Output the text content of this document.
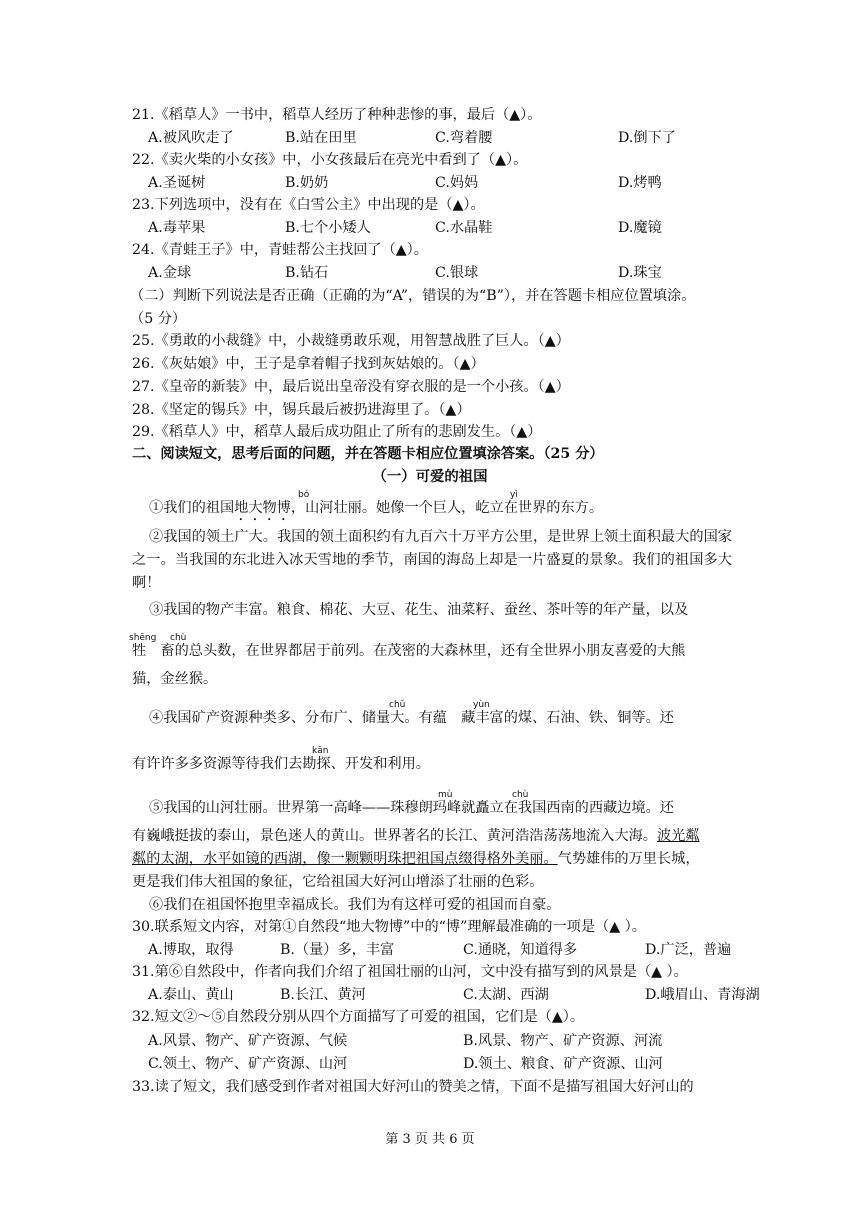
21.《稻草人》一书中，稻草人经历了种种悲惨的事，最后（▲）。
A.被风吹走了	B.站在田里	C.弯着腰	D.倒下了
22.《卖火柴的小女孩》中，小女孩最后在亮光中看到了（▲）。
A.圣诞树	B.奶奶	C.妈妈	D.烤鸭
23.下列选项中，没有在《白雪公主》中出现的是（▲）。
A.毒苹果	B.七个小矮人	C.水晶鞋	D.魔镜
24.《青蛙王子》中，青蛙帮公主找回了（▲）。
A.金球	B.钻石	C.银球	D.珠宝
（二）判断下列说法是否正确（正确的为“A”，错误的为“B”），并在答题卡相应位置填涂。
（5 分）
25.《勇敢的小裁缝》中，小裁缝勇敢乐观，用智慧战胜了巨人。（▲）
26.《灰姑娘》中，王子是拿着帽子找到灰姑娘的。（▲）
27.《皇帝的新装》中，最后说出皇帝没有穿衣服的是一个小孩。（▲）
28.《坚定的锡兵》中，锡兵最后被扔进海里了。（▲）
29.《稻草人》中，稻草人最后成功阻止了所有的悲剧发生。（▲）
二、阅读短文，思考后面的问题，并在答题卡相应位置填涂答案。（25 分）
（一）可爱的祖国
bó	yì
①我们的祖国地大物博，山河壮丽。她像一个巨人，屹立在世界的东方。
②我国的领土广大。我国的领土面积约有九百六十万平方公里，是世界上领土面积最大的国家之一。当我国的东北进入冰天雪地的季节，南国的海岛上却是一片盛夏的景象。我们的祖国多大啊！
③我国的物产丰富。粮食、棉花、大豆、花生、油菜籽、蚕丝、茶叶等的年产量，以及
shēng chù
牲　畜的总头数，在世界都居于前列。在茂密的大森林里，还有全世界小朋友喜爱的大熊
猫，金丝猴。
chǔ	yùn
④我国矿产资源种类多、分布广、储量大。有蕴　藏丰富的煤、石油、铁、铜等。还
kān
有许许多多资源等待我们去勘探、开发和利用。
mù	chù
⑤我国的山河壮丽。世界第一高峰——珠穆朗玛峰就矗立在我国西南的西藏边境。还
有巍峨挺拔的泰山，景色迷人的黄山。世界著名的长江、黄河浩浩荡荡地流入大海。波光粼
粼的太湖，水平如镜的西湖，像一颗颗明珠把祖国点缀得格外美丽。气势雄伟的万里长城，
更是我们伟大祖国的象征，它给祖国大好河山增添了壮丽的色彩。
⑥我们在祖国怀抱里幸福成长。我们为有这样可爱的祖国而自豪。
30.联系短文内容，对第①自然段“地大物博”中的“博”理解最准确的一项是（▲ ）。
A.博取，取得	B.（量）多，丰富	C.通晓，知道得多	D.广泛，普遍
31.第⑥自然段中，作者向我们介绍了祖国壮丽的山河，文中没有描写到的风景是（▲ ）。
A.泰山、黄山	B.长江、黄河	C.太湖、西湖	D.峨眉山、青海湖
32.短文②～⑤自然段分别从四个方面描写了可爱的祖国，它们是（▲）。
A.风景、物产、矿产资源、气候	B.风景、物产、矿产资源、河流
C.领土、物产、矿产资源、山河	D.领土、粮食、矿产资源、山河
33.读了短文，我们感受到作者对祖国大好河山的赞美之情，下面不是描写祖国大好河山的
第 3 页 共 6 页
